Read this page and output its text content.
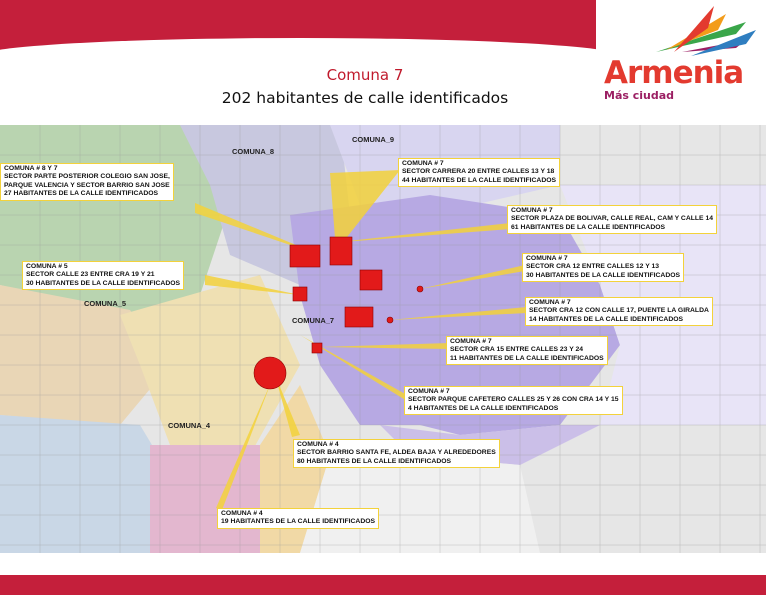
Comuna 7
202 habitantes de calle identificados
Armenia
Más ciudad
COMUNA_9
COMUNA_8
COMUNA_5
COMUNA_7
COMUNA_4
COMUNA # 8 Y 7
SECTOR PARTE POSTERIOR COLEGIO SAN JOSE,
PARQUE VALENCIA Y SECTOR BARRIO SAN JOSE
27 HABITANTES DE LA CALLE IDENTIFICADOS
COMUNA # 7
SECTOR CARRERA 20 ENTRE CALLES 13 Y 18
44 HABITANTES DE LA CALLE IDENTIFICADOS
COMUNA # 7
SECTOR PLAZA DE BOLIVAR, CALLE REAL, CAM Y CALLE 14
61 HABITANTES DE LA CALLE IDENTIFICADOS
COMUNA # 5
SECTOR CALLE 23 ENTRE CRA 19 Y 21
30 HABITANTES DE LA CALLE IDENTIFICADOS
COMUNA # 7
SECTOR CRA 12 ENTRE CALLES 12 Y 13
30 HABITANTES DE LA CALLE IDENTIFICADOS
COMUNA # 7
SECTOR CRA 12 CON CALLE 17, PUENTE LA GIRALDA
14 HABITANTES DE LA CALLE IDENTIFICADOS
COMUNA # 7
SECTOR CRA 15 ENTRE CALLES 23 Y 24
11 HABITANTES DE LA CALLE IDENTIFICADOS
COMUNA # 7
SECTOR PARQUE CAFETERO CALLES 25 Y 26 CON CRA 14 Y 15
4 HABITANTES DE LA CALLE IDENTIFICADOS
COMUNA # 4
SECTOR BARRIO SANTA FE, ALDEA BAJA Y ALREDEDORES
80 HABITANTES DE LA CALLE IDENTIFICADOS
COMUNA # 4
19 HABITANTES DE LA CALLE IDENTIFICADOS
